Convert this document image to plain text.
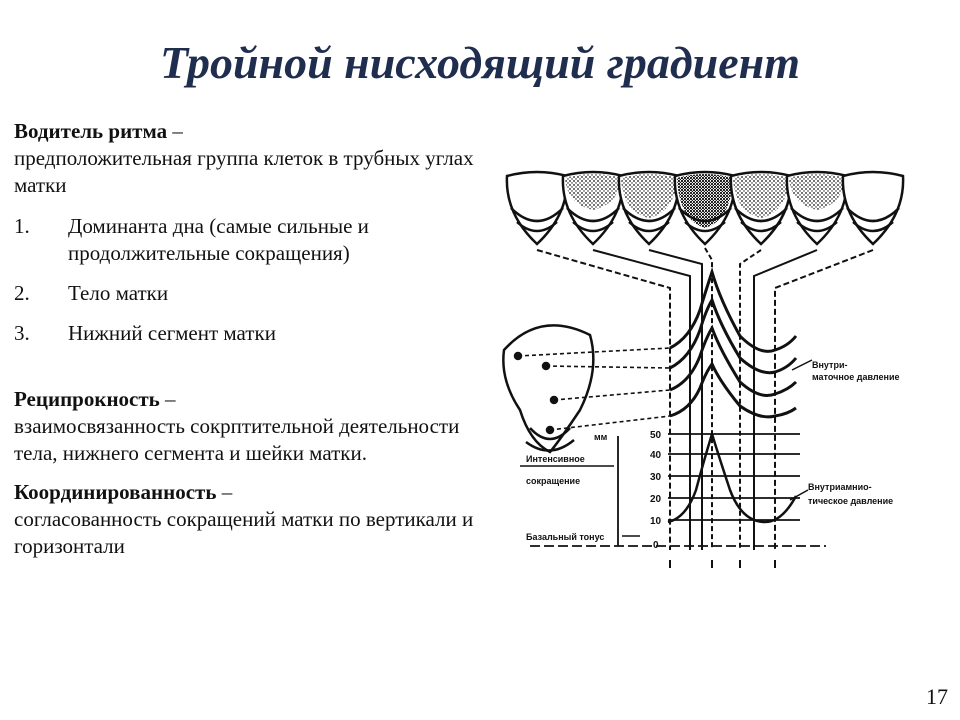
Тройной нисходящий градиент

Водитель ритма –
предположительная группа клеток в трубных углах матки

1.	Доминанта дна (самые сильные и продолжительные сокращения)
2.	Тело матки
3.	Нижний сегмент матки

Реципрокность –
взаимосвязанность сокрптительной деятельности тела, нижнего сегмента и шейки матки.

Координированность –
согласованность сокращений матки по вертикали и горизонтали

Внутри-
маточное давление
50
40
30
20
10
0
мм
Интенсивное
сокращение
Базальный тонус
Внутриамнио-
тическое давление
17
